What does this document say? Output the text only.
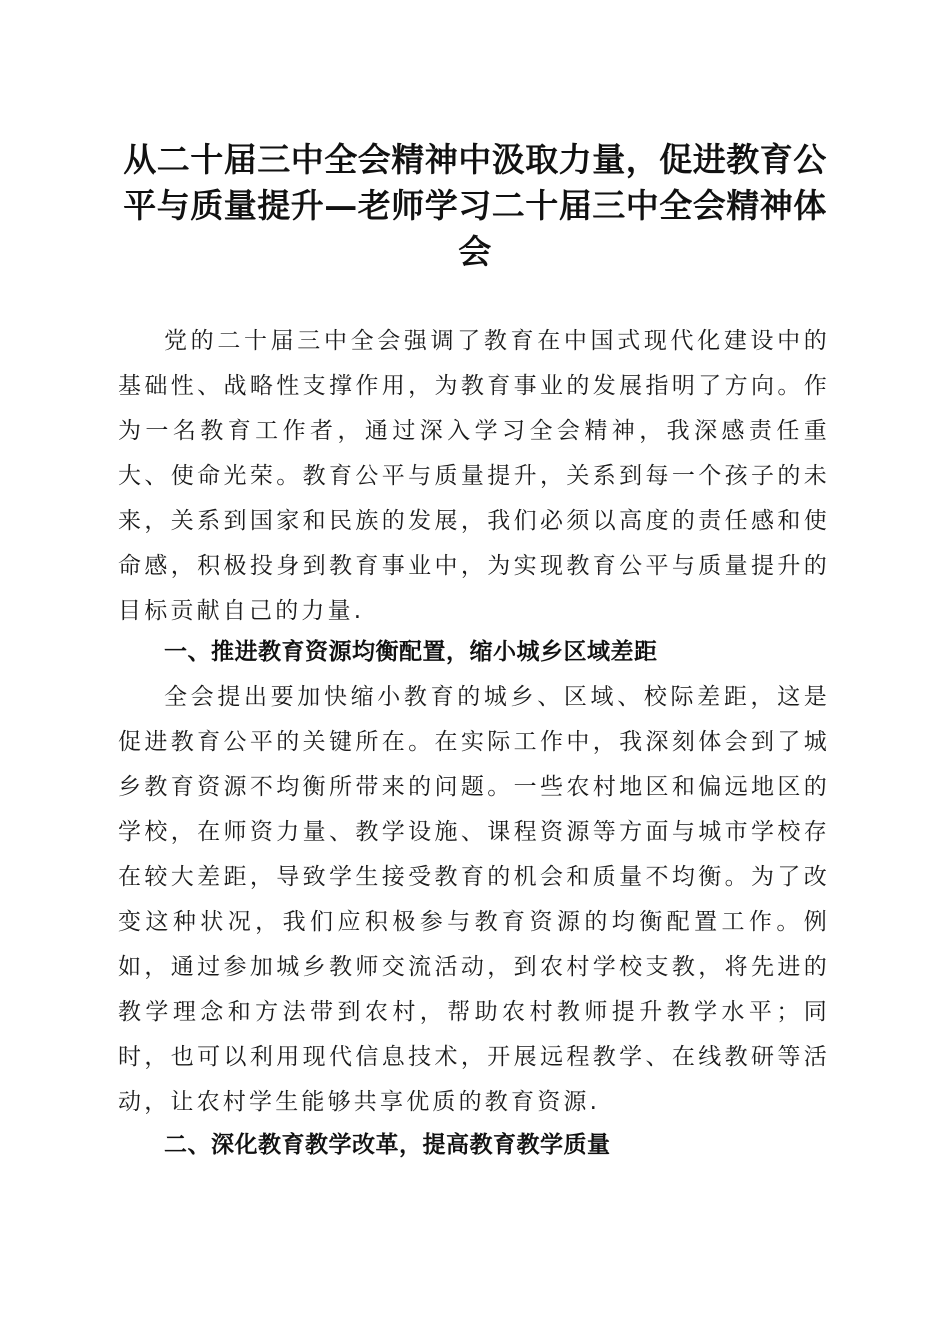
从二十届三中全会精神中汲取力量，促进教育公平与质量提升—老师学习二十届三中全会精神体会

党的二十届三中全会强调了教育在中国式现代化建设中的基础性、战略性支撑作用，为教育事业的发展指明了方向。作为一名教育工作者，通过深入学习全会精神，我深感责任重大、使命光荣。教育公平与质量提升，关系到每一个孩子的未来，关系到国家和民族的发展，我们必须以高度的责任感和使命感，积极投身到教育事业中，为实现教育公平与质量提升的目标贡献自己的力量.

一、推进教育资源均衡配置，缩小城乡区域差距

全会提出要加快缩小教育的城乡、区域、校际差距，这是促进教育公平的关键所在。在实际工作中，我深刻体会到了城乡教育资源不均衡所带来的问题。一些农村地区和偏远地区的学校，在师资力量、教学设施、课程资源等方面与城市学校存在较大差距，导致学生接受教育的机会和质量不均衡。为了改变这种状况，我们应积极参与教育资源的均衡配置工作。例如，通过参加城乡教师交流活动，到农村学校支教，将先进的教学理念和方法带到农村，帮助农村教师提升教学水平；同时，也可以利用现代信息技术，开展远程教学、在线教研等活动，让农村学生能够共享优质的教育资源.

二、深化教育教学改革，提高教育教学质量
